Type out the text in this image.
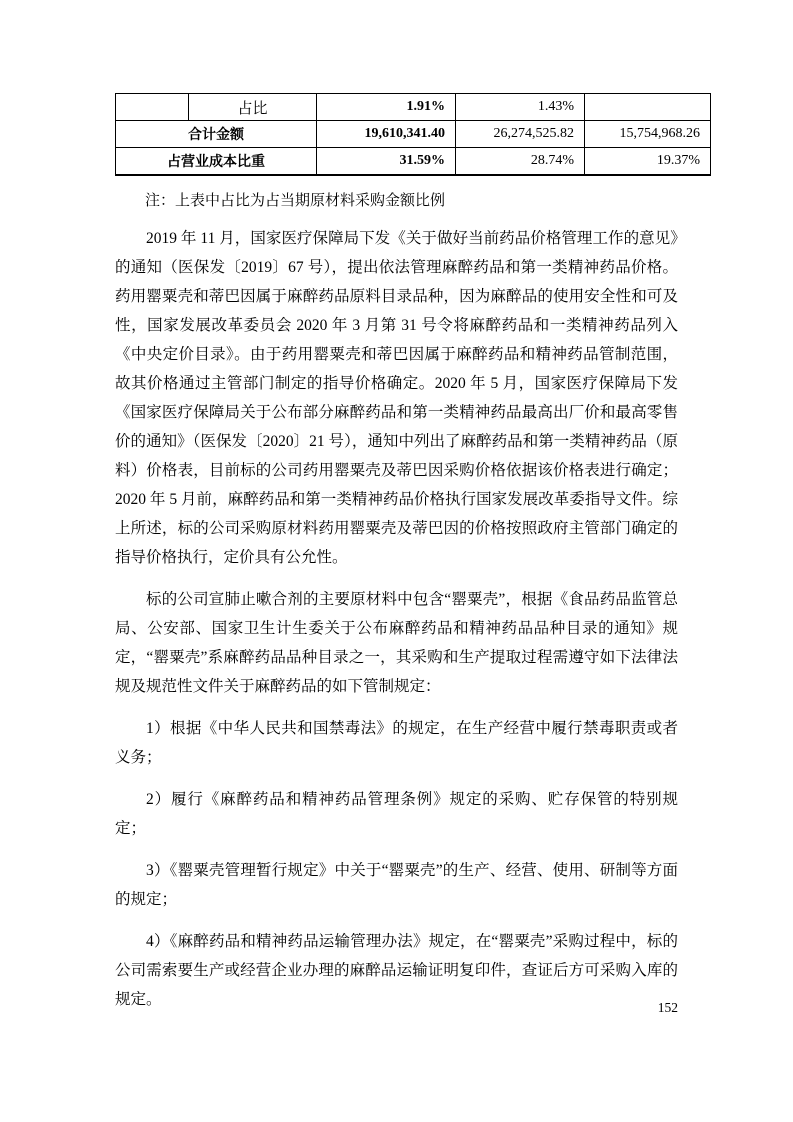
占比	1.91%	1.43%	
合计金额	19,610,341.40	26,274,525.82	15,754,968.26
占营业成本比重	31.59%	28.74%	19.37%

注：上表中占比为占当期原材料采购金额比例

2019 年 11 月，国家医疗保障局下发《关于做好当前药品价格管理工作的意见》的通知（医保发〔2019〕67 号），提出依法管理麻醉药品和第一类精神药品价格。药用罂粟壳和蒂巴因属于麻醉药品原料目录品种，因为麻醉品的使用安全性和可及性，国家发展改革委员会 2020 年 3 月第 31 号令将麻醉药品和一类精神药品列入《中央定价目录》。由于药用罂粟壳和蒂巴因属于麻醉药品和精神药品管制范围，故其价格通过主管部门制定的指导价格确定。2020 年 5 月，国家医疗保障局下发《国家医疗保障局关于公布部分麻醉药品和第一类精神药品最高出厂价和最高零售价的通知》（医保发〔2020〕21 号），通知中列出了麻醉药品和第一类精神药品（原料）价格表，目前标的公司药用罂粟壳及蒂巴因采购价格依据该价格表进行确定；2020 年 5 月前，麻醉药品和第一类精神药品价格执行国家发展改革委指导文件。综上所述，标的公司采购原材料药用罂粟壳及蒂巴因的价格按照政府主管部门确定的指导价格执行，定价具有公允性。

标的公司宣肺止嗽合剂的主要原材料中包含“罂粟壳”，根据《食品药品监管总局、公安部、国家卫生计生委关于公布麻醉药品和精神药品品种目录的通知》规定，“罂粟壳”系麻醉药品品种目录之一，其采购和生产提取过程需遵守如下法律法规及规范性文件关于麻醉药品的如下管制规定：

1）根据《中华人民共和国禁毒法》的规定，在生产经营中履行禁毒职责或者义务；

2）履行《麻醉药品和精神药品管理条例》规定的采购、贮存保管的特别规定；

3）《罂粟壳管理暂行规定》中关于“罂粟壳”的生产、经营、使用、研制等方面的规定；

4）《麻醉药品和精神药品运输管理办法》规定，在“罂粟壳”采购过程中，标的公司需索要生产或经营企业办理的麻醉品运输证明复印件，查证后方可采购入库的规定。	152
